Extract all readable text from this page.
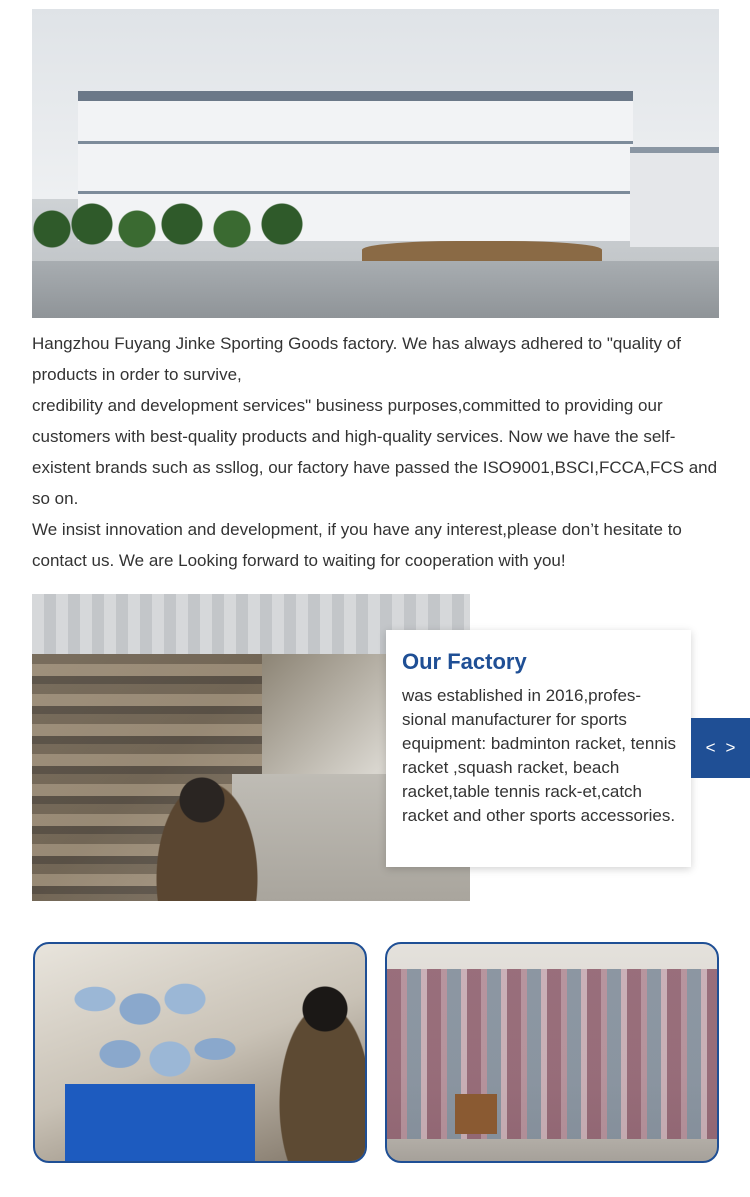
Hangzhou Fuyang Jinke Sporting Goods factory. We has always adhered to "quality of products in order to survive,

credibility and development services" business purposes,committed to providing our customers with best-quality products and high-quality services. Now we have the self-existent brands such as ssllog, our factory have passed the ISO9001,BSCI,FCCA,FCS and so on.

We insist innovation and development, if you have any interest,please don’t hesitate to contact us. We are Looking forward to waiting for cooperation with you!

Our Factory
was established in 2016,profes-sional manufacturer for sports equipment: badminton racket, tennis racket ,squash racket, beach racket,table tennis rack-et,catch racket and other sports accessories.
< >
